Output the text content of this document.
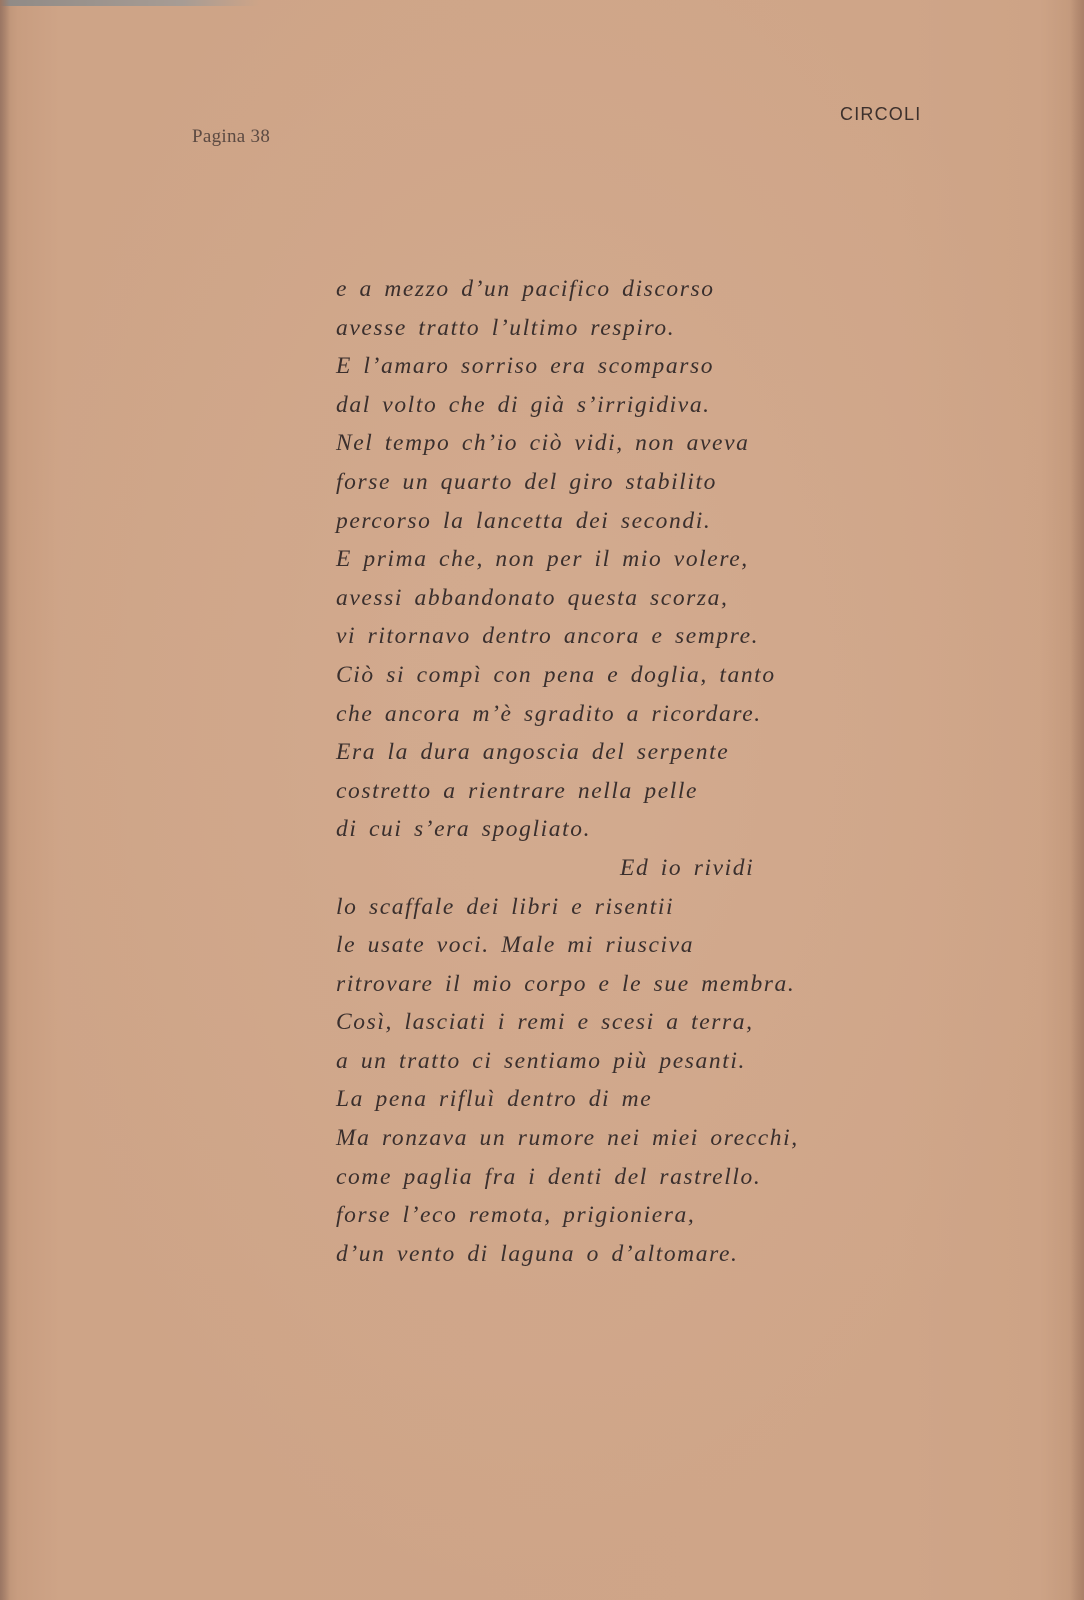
Pagina 38
CIRCOLI
e a mezzo d’un pacifico discorso
avesse tratto l’ultimo respiro.
E l’amaro sorriso era scomparso
dal volto che di già s’irrigidiva.
Nel tempo ch’io ciò vidi, non aveva
forse un quarto del giro stabilito
percorso la lancetta dei secondi.
E prima che, non per il mio volere,
avessi abbandonato questa scorza,
vi ritornavo dentro ancora e sempre.
Ciò si compì con pena e doglia, tanto
che ancora m’è sgradito a ricordare.
Era la dura angoscia del serpente
costretto a rientrare nella pelle
di cui s’era spogliato.
Ed io rividi
lo scaffale dei libri e risentii
le usate voci. Male mi riusciva
ritrovare il mio corpo e le sue membra.
Così, lasciati i remi e scesi a terra,
a un tratto ci sentiamo più pesanti.
La pena rifluì dentro di me
Ma ronzava un rumore nei miei orecchi,
come paglia fra i denti del rastrello.
forse l’eco remota, prigioniera,
d’un vento di laguna o d’altomare.
